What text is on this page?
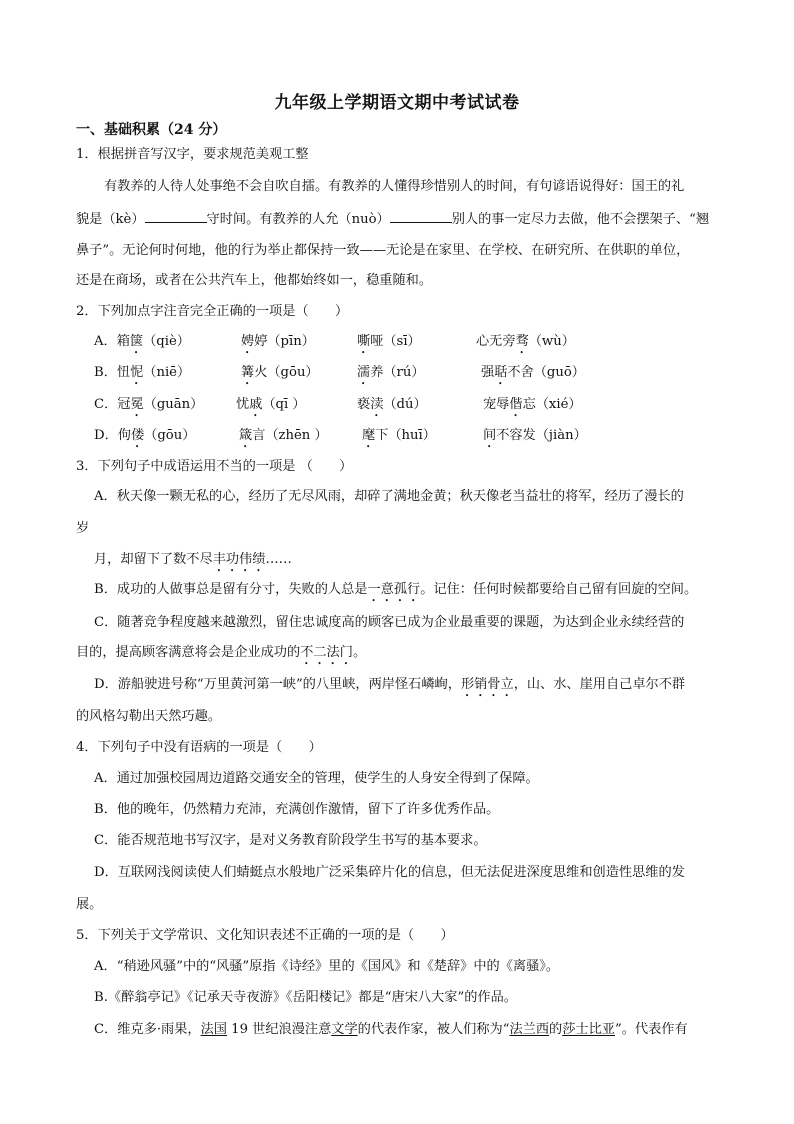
九年级上学期语文期中考试试卷
一、基础积累（24 分）
1．根据拼音写汉字，要求规范美观工整
有教养的人待人处事绝不会自吹自擂。有教养的人懂得珍惜别人的时间，有句谚语说得好：国王的礼
貌是（kè）	守时间。有教养的人允（nuò）	别人的事一定尽力去做，他不会摆架子、“翘
鼻子”。无论何时何地，他的行为举止都保持一致——无论是在家里、在学校、在研究所、在供职的单位，
还是在商场，或者在公共汽车上，他都始终如一，稳重随和。
2．下列加点字注音完全正确的一项是（　　）
A．箱箧（qiè）	娉婷（pīn）	嘶哑（sī）	心无旁骛（wù）
B．忸怩（niē）	篝火（gōu）	濡养（rú）	强聒不舍（guō）
C．冠冕（guān） 忧戚（qī ）	亵渎（dú）	宠辱偕忘（xié）
D．佝偻（gōu）	箴言（zhēn ）	麾下（huī）	间不容发（jiàn）
3．下列句子中成语运用不当的一项是 （　　）
A．秋天像一颗无私的心，经历了无尽风雨，却碎了满地金黄；秋天像老当益壮的将军，经历了漫长的
岁
月，却留下了数不尽丰功伟绩……
B．成功的人做事总是留有分寸，失败的人总是一意孤行。记住：任何时候都要给自己留有回旋的空间。
C．随著竞争程度越来越激烈，留住忠诚度高的顾客已成为企业最重要的课题，为达到企业永续经营的
目的，提高顾客满意将会是企业成功的不二法门。
D．游船驶进号称“万里黄河第一峡”的八里峡，两岸怪石嶙峋，形销骨立，山、水、崖用自己卓尔不群
的风格勾勒出天然巧趣。
4．下列句子中没有语病的一项是（　　）
A．通过加强校园周边道路交通安全的管理，使学生的人身安全得到了保障。
B．他的晚年，仍然精力充沛，充满创作激情，留下了许多优秀作品。
C．能否规范地书写汉字，是对义务教育阶段学生书写的基本要求。
D．互联网浅阅读使人们蜻蜓点水般地广泛采集碎片化的信息，但无法促进深度思维和创造性思维的发
展。
5．下列关于文学常识、文化知识表述不正确的一项的是（　　）
A．“稍逊风骚”中的“风骚”原指《诗经》里的《国风》和《楚辞》中的《离骚》。
B.《醉翁亭记》《记承天寺夜游》《岳阳楼记》都是“唐宋八大家”的作品。
C．维克多·雨果，法国 19 世纪浪漫注意文学的代表作家，被人们称为“法兰西的莎士比亚”。代表作有
